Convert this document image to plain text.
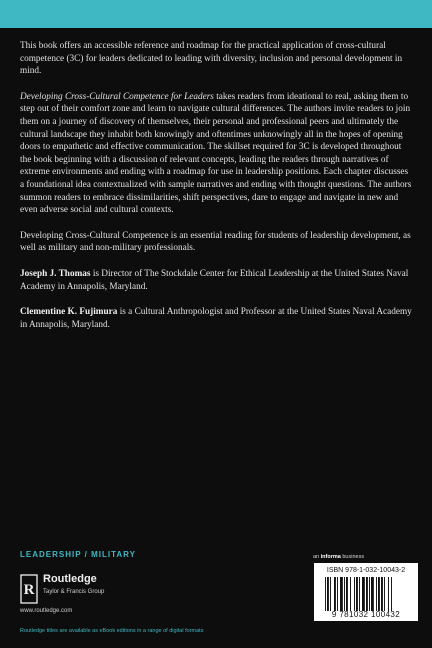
This book offers an accessible reference and roadmap for the practical application of cross-cultural competence (3C) for leaders dedicated to leading with diversity, inclusion and personal development in mind.

Developing Cross-Cultural Competence for Leaders takes readers from ideational to real, asking them to step out of their comfort zone and learn to navigate cultural differences. The authors invite readers to join them on a journey of discovery of themselves, their personal and professional peers and ultimately the cultural landscape they inhabit both knowingly and oftentimes unknowingly all in the hopes of opening doors to empathetic and effective communication. The skillset required for 3C is developed throughout the book beginning with a discussion of relevant concepts, leading the readers through narratives of extreme environments and ending with a roadmap for use in leadership positions. Each chapter discusses a foundational idea contextualized with sample narratives and ending with thought questions. The authors summon readers to embrace dissimilarities, shift perspectives, dare to engage and navigate in new and even adverse social and cultural contexts.

Developing Cross-Cultural Competence is an essential reading for students of leadership development, as well as military and non-military professionals.

Joseph J. Thomas is Director of The Stockdale Center for Ethical Leadership at the United States Naval Academy in Annapolis, Maryland.

Clementine K. Fujimura is a Cultural Anthropologist and Professor at the United States Naval Academy in Annapolis, Maryland.

LEADERSHIP / MILITARY
R
Routledge
Taylor & Francis Group
www.routledge.com
Routledge titles are available as eBook editions in a range of digital formats
an informa business
ISBN 978-1-032-10043-2
9 781032 100432
